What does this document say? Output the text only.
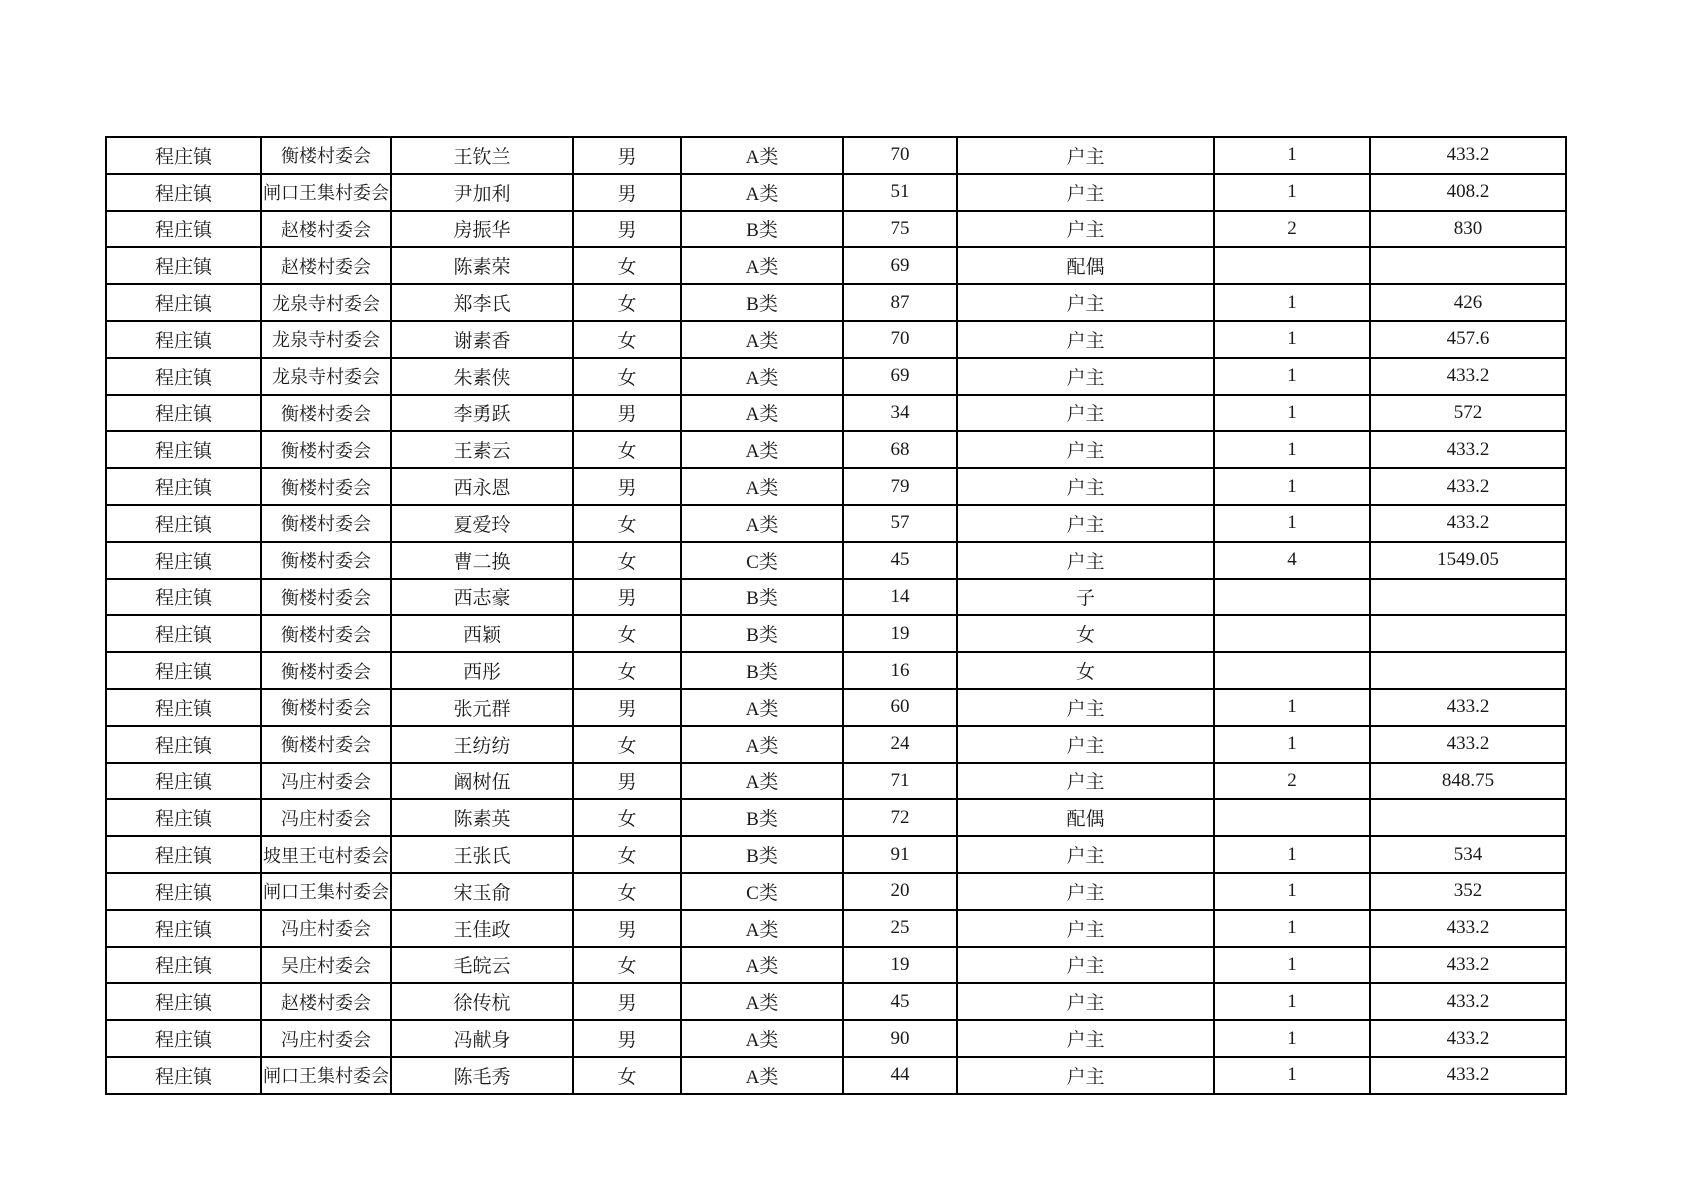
程庄镇	衡楼村委会	王钦兰	男	A类	70	户主	1	433.2
程庄镇	闸口王集村委会	尹加利	男	A类	51	户主	1	408.2
程庄镇	赵楼村委会	房振华	男	B类	75	户主	2	830
程庄镇	赵楼村委会	陈素荣	女	A类	69	配偶		
程庄镇	龙泉寺村委会	郑李氏	女	B类	87	户主	1	426
程庄镇	龙泉寺村委会	谢素香	女	A类	70	户主	1	457.6
程庄镇	龙泉寺村委会	朱素侠	女	A类	69	户主	1	433.2
程庄镇	衡楼村委会	李勇跃	男	A类	34	户主	1	572
程庄镇	衡楼村委会	王素云	女	A类	68	户主	1	433.2
程庄镇	衡楼村委会	西永恩	男	A类	79	户主	1	433.2
程庄镇	衡楼村委会	夏爱玲	女	A类	57	户主	1	433.2
程庄镇	衡楼村委会	曹二换	女	C类	45	户主	4	1549.05
程庄镇	衡楼村委会	西志豪	男	B类	14	子		
程庄镇	衡楼村委会	西颖	女	B类	19	女		
程庄镇	衡楼村委会	西彤	女	B类	16	女		
程庄镇	衡楼村委会	张元群	男	A类	60	户主	1	433.2
程庄镇	衡楼村委会	王纺纺	女	A类	24	户主	1	433.2
程庄镇	冯庄村委会	阚树伍	男	A类	71	户主	2	848.75
程庄镇	冯庄村委会	陈素英	女	B类	72	配偶		
程庄镇	坡里王屯村委会	王张氏	女	B类	91	户主	1	534
程庄镇	闸口王集村委会	宋玉俞	女	C类	20	户主	1	352
程庄镇	冯庄村委会	王佳政	男	A类	25	户主	1	433.2
程庄镇	吴庄村委会	毛皖云	女	A类	19	户主	1	433.2
程庄镇	赵楼村委会	徐传杭	男	A类	45	户主	1	433.2
程庄镇	冯庄村委会	冯献身	男	A类	90	户主	1	433.2
程庄镇	闸口王集村委会	陈毛秀	女	A类	44	户主	1	433.2
